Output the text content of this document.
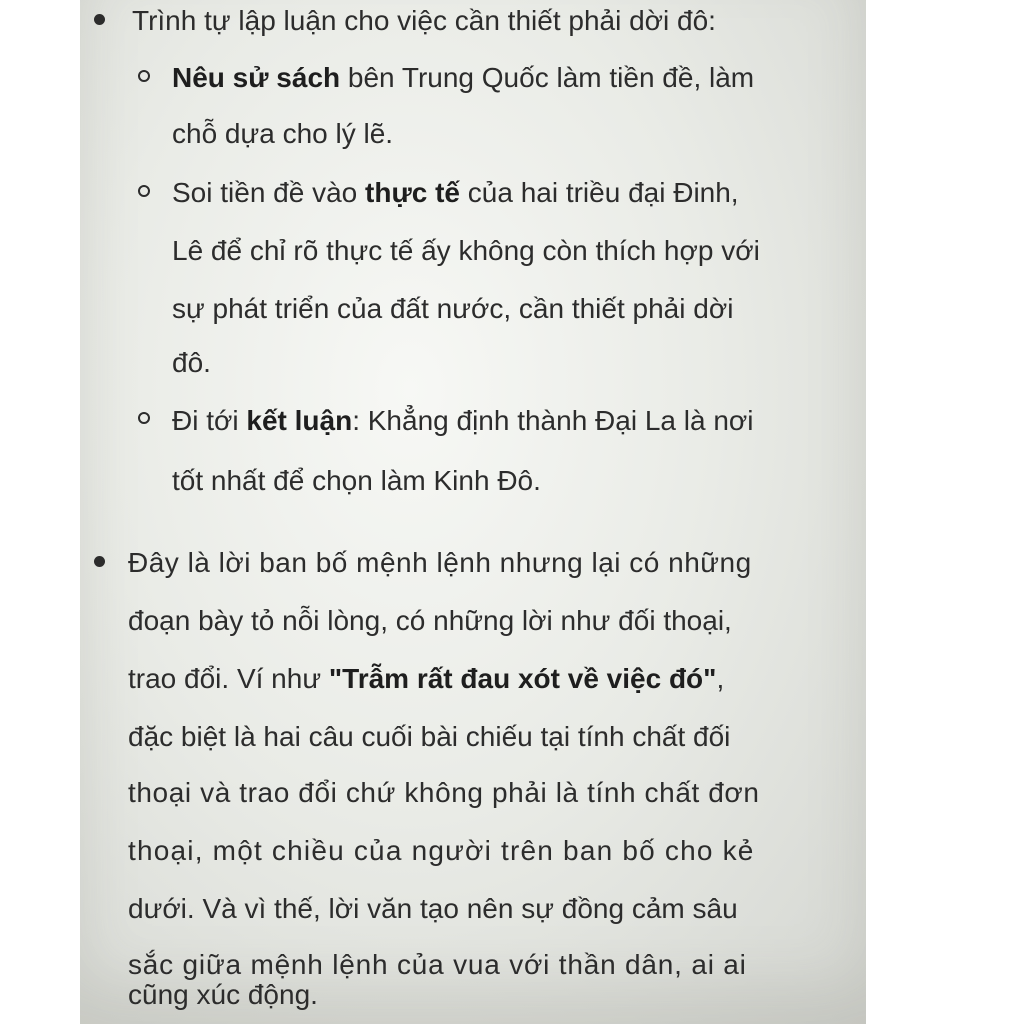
Trình tự lập luận cho việc cần thiết phải dời đô:
Nêu sử sách bên Trung Quốc làm tiền đề, làm
chỗ dựa cho lý lẽ.
Soi tiền đề vào thực tế của hai triều đại Đinh,
Lê để chỉ rõ thực tế ấy không còn thích hợp với
sự phát triển của đất nước, cần thiết phải dời
đô.
Đi tới kết luận: Khẳng định thành Đại La là nơi
tốt nhất để chọn làm Kinh Đô.
Đây là lời ban bố mệnh lệnh nhưng lại có những
đoạn bày tỏ nỗi lòng, có những lời như đối thoại,
trao đổi. Ví như "Trẫm rất đau xót về việc đó",
đặc biệt là hai câu cuối bài chiếu tại tính chất đối
thoại và trao đổi chứ không phải là tính chất đơn
thoại, một chiều của người trên ban bố cho kẻ
dưới. Và vì thế, lời văn tạo nên sự đồng cảm sâu
sắc giữa mệnh lệnh của vua với thần dân, ai ai
cũng xúc động.
